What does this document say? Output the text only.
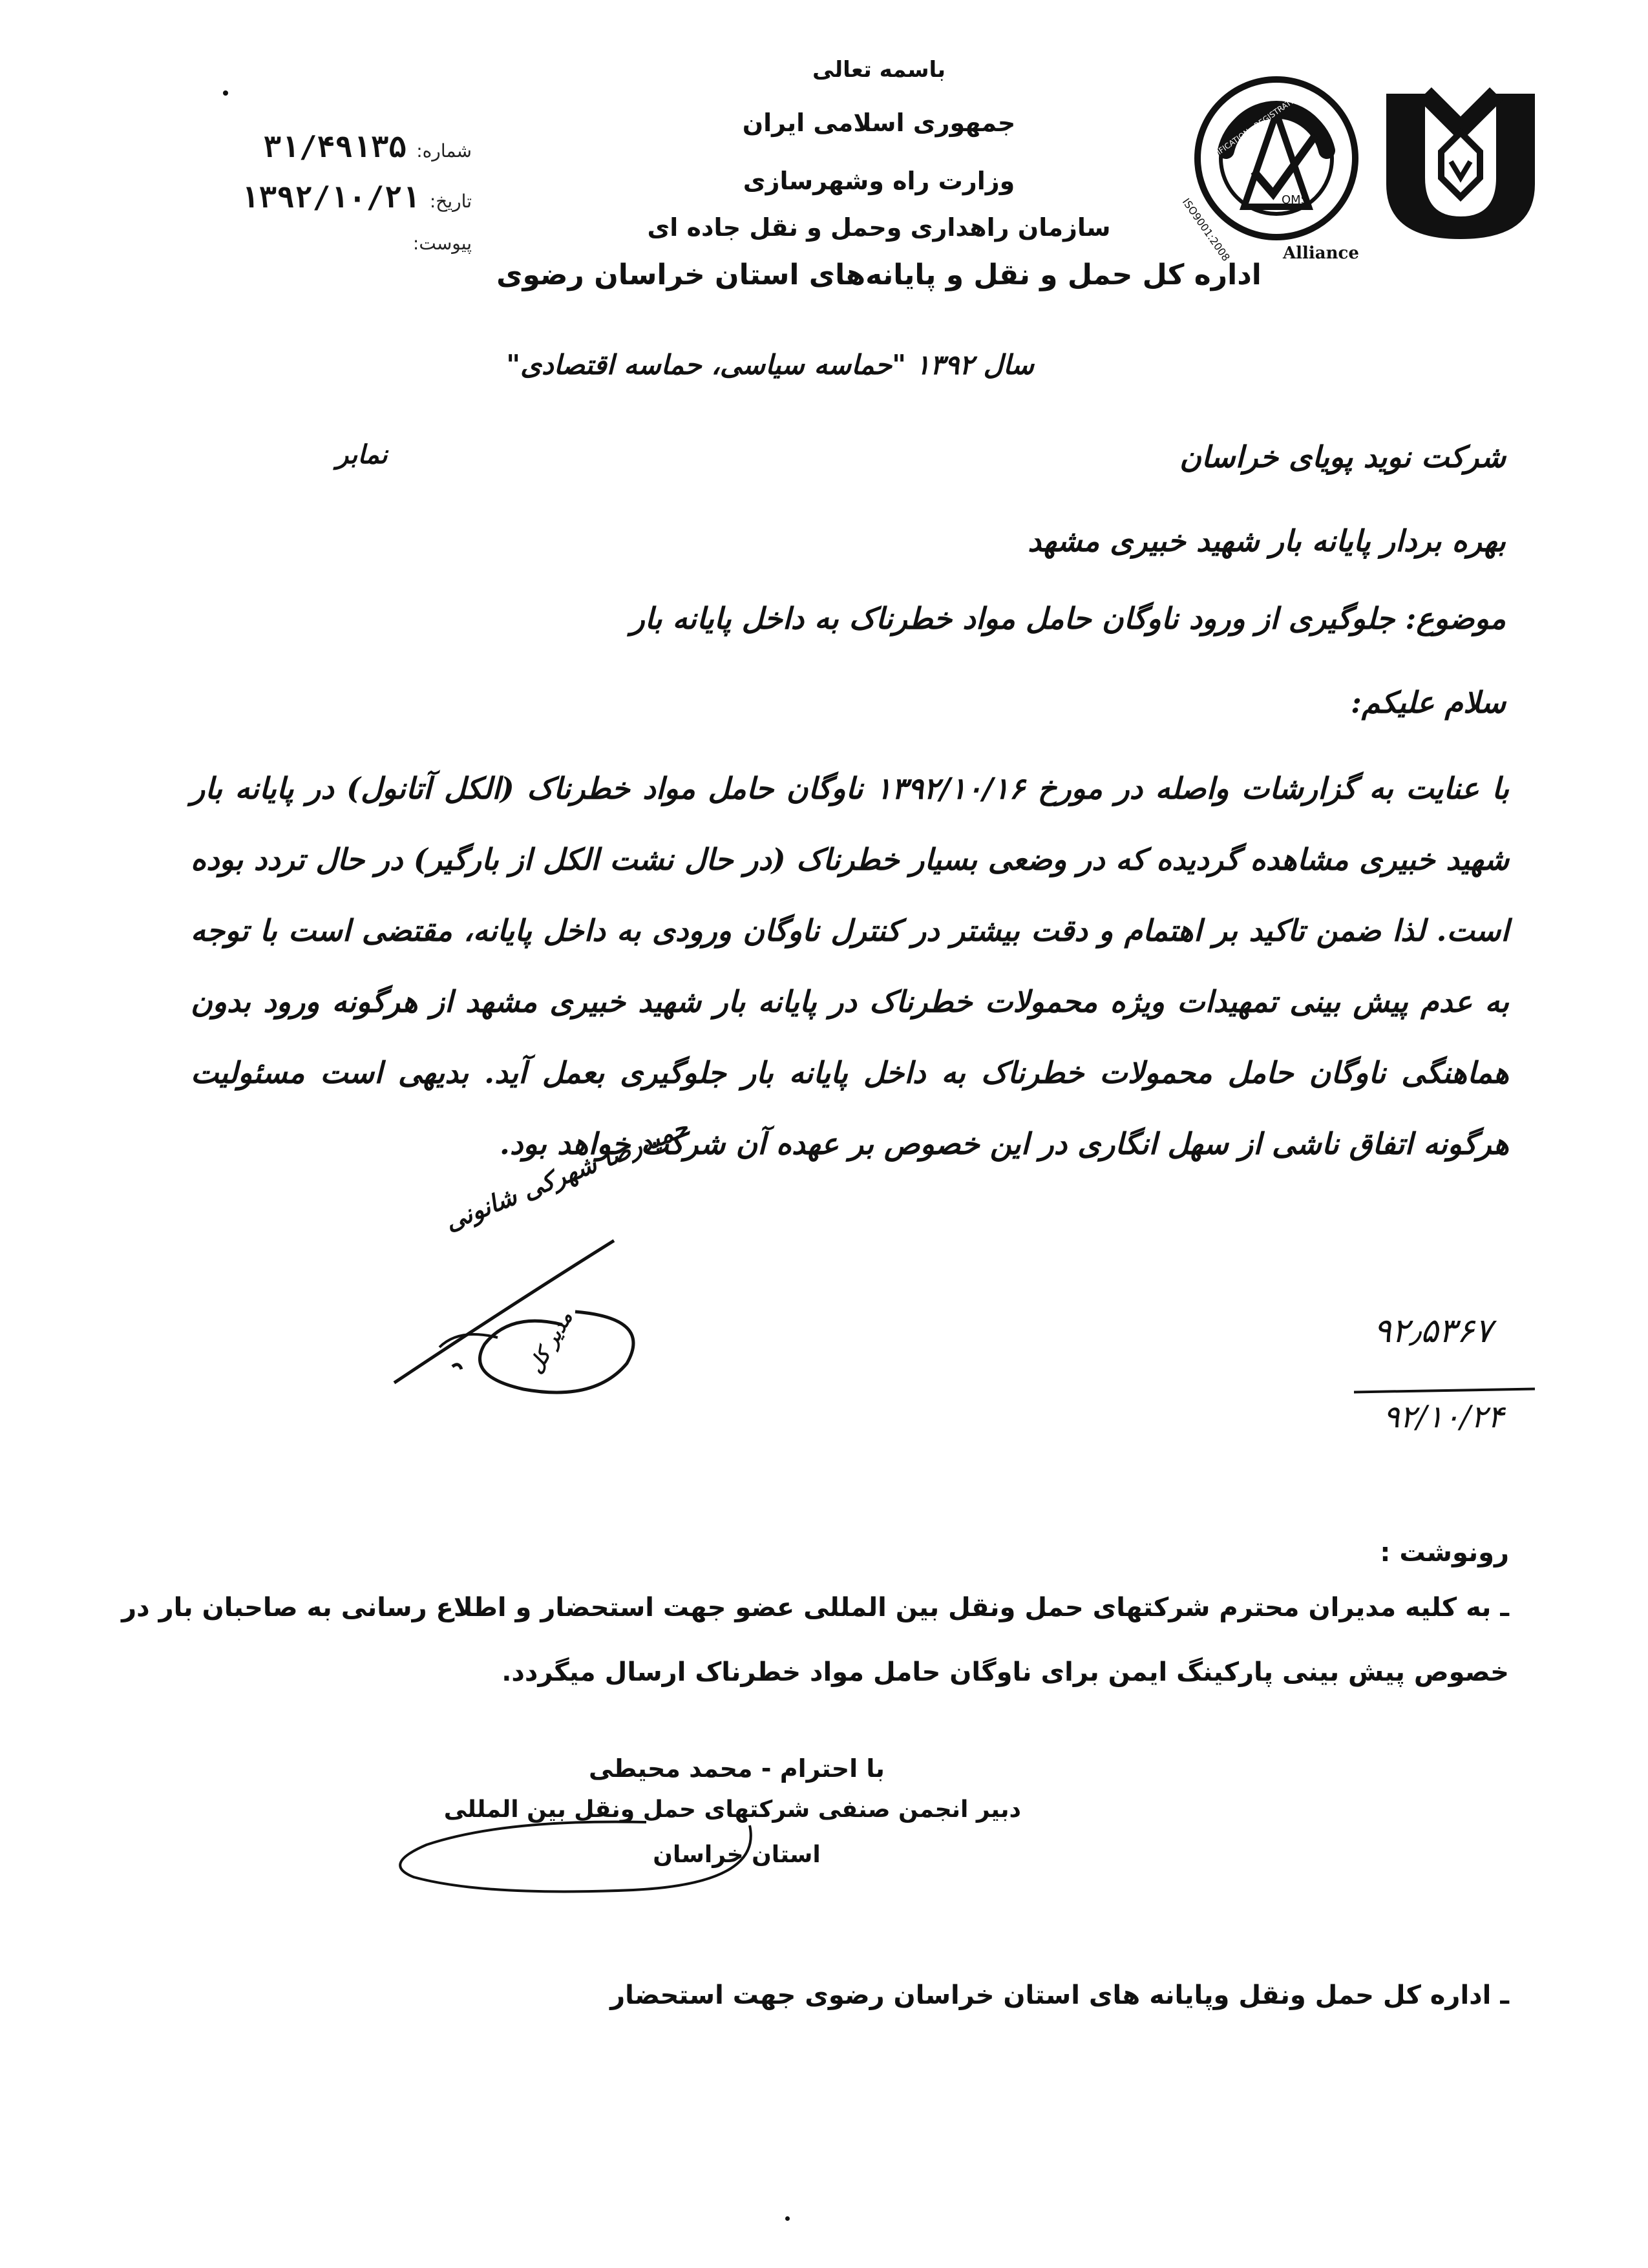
QMS
Alliance
ISO9001:2008
CERTIFICATION · REGISTRATION
باسمه تعالی
جمهوری اسلامی ایران
وزارت راه وشهرسازی
سازمان راهداری وحمل و نقل جاده ای
اداره کل حمل و نقل و پایانه‌های استان خراسان رضوی
شماره: ۳۱/۴۹۱۳۵
تاریخ: ۱۳۹۲/۱۰/۲۱
پیوست:
سال ۱۳۹۲ "حماسه سیاسی، حماسه اقتصادی"
شرکت نوید پویای خراسان
نمابر
بهره بردار پایانه بار شهید خبیری مشهد
موضوع: جلوگیری از ورود ناوگان حامل مواد خطرناک به داخل پایانه بار
سلام علیکم:
با عنایت به گزارشات واصله در مورخ ۱۳۹۲/۱۰/۱۶ ناوگان حامل مواد خطرناک (الکل آتانول) در پایانه بار شهید خبیری مشاهده گردیده که در وضعی بسیار خطرناک (در حال نشت الکل از بارگیر) در حال تردد بوده است. لذا ضمن تاکید بر اهتمام و دقت بیشتر در کنترل ناوگان ورودی به داخل پایانه، مقتضی است با توجه به عدم پیش بینی تمهیدات ویژه محمولات خطرناک در پایانه بار شهید خبیری مشهد از هرگونه ورود بدون هماهنگی ناوگان حامل محمولات خطرناک به داخل پایانه بار جلوگیری بعمل آید. بدیهی است مسئولیت هرگونه اتفاق ناشی از سهل انگاری در این خصوص بر عهده آن شرکت خواهد بود.
حمیدرضا شهرکی شانونی
مدیر کل	۹۲٫۵۳۶۷
۹۲/۱۰/۲۴
رونوشت :
ـ به کلیه مدیران محترم شرکتهای حمل ونقل بین المللی عضو جهت استحضار و اطلاع رسانی به صاحبان بار در
خصوص پیش بینی پارکینگ ایمن برای ناوگان حامل مواد خطرناک ارسال میگردد.
با احترام - محمد محیطی
دبیر انجمن صنفی شرکتهای حمل ونقل بین المللی
استان خراسان
ـ اداره کل حمل ونقل وپایانه های استان خراسان رضوی جهت استحضار
